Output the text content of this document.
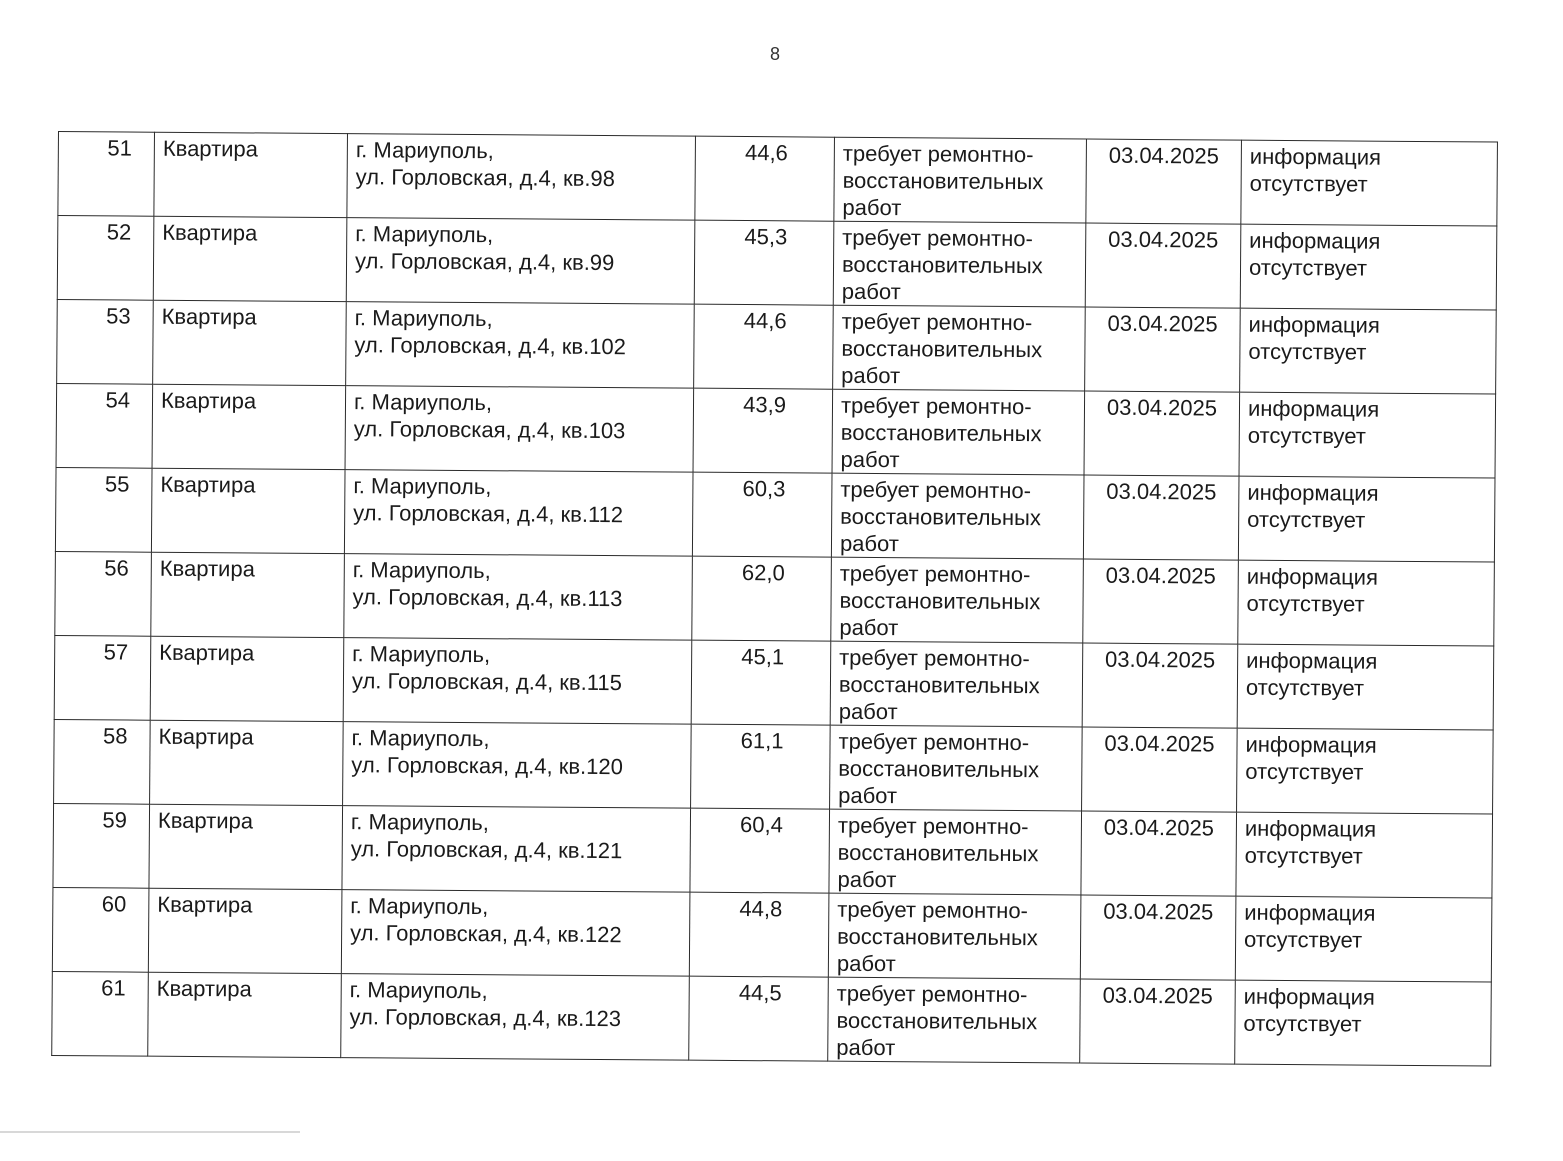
8
51	Квартира	г. Мариуполь,
ул. Горловская, д.4, кв.98	44,6	требует ремонтно-
восстановительных
работ	03.04.2025	информация
отсутствует

52	Квартира	г. Мариуполь,
ул. Горловская, д.4, кв.99	45,3	требует ремонтно-
восстановительных
работ	03.04.2025	информация
отсутствует

53	Квартира	г. Мариуполь,
ул. Горловская, д.4, кв.102	44,6	требует ремонтно-
восстановительных
работ	03.04.2025	информация
отсутствует

54	Квартира	г. Мариуполь,
ул. Горловская, д.4, кв.103	43,9	требует ремонтно-
восстановительных
работ	03.04.2025	информация
отсутствует

55	Квартира	г. Мариуполь,
ул. Горловская, д.4, кв.112	60,3	требует ремонтно-
восстановительных
работ	03.04.2025	информация
отсутствует

56	Квартира	г. Мариуполь,
ул. Горловская, д.4, кв.113	62,0	требует ремонтно-
восстановительных
работ	03.04.2025	информация
отсутствует

57	Квартира	г. Мариуполь,
ул. Горловская, д.4, кв.115	45,1	требует ремонтно-
восстановительных
работ	03.04.2025	информация
отсутствует

58	Квартира	г. Мариуполь,
ул. Горловская, д.4, кв.120	61,1	требует ремонтно-
восстановительных
работ	03.04.2025	информация
отсутствует

59	Квартира	г. Мариуполь,
ул. Горловская, д.4, кв.121	60,4	требует ремонтно-
восстановительных
работ	03.04.2025	информация
отсутствует

60	Квартира	г. Мариуполь,
ул. Горловская, д.4, кв.122	44,8	требует ремонтно-
восстановительных
работ	03.04.2025	информация
отсутствует

61	Квартира	г. Мариуполь,
ул. Горловская, д.4, кв.123	44,5	требует ремонтно-
восстановительных
работ	03.04.2025	информация
отсутствует
